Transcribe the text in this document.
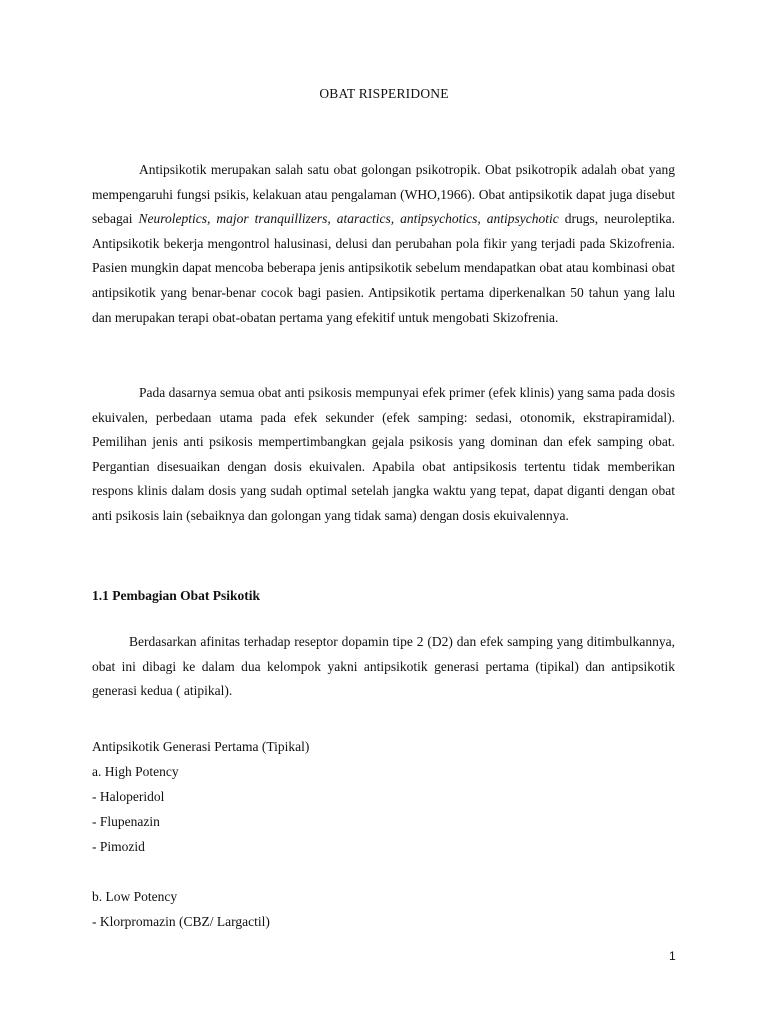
OBAT RISPERIDONE

Antipsikotik merupakan salah satu obat golongan psikotropik. Obat psikotropik adalah obat yang mempengaruhi fungsi psikis, kelakuan atau pengalaman (WHO,1966). Obat antipsikotik dapat juga disebut sebagai Neuroleptics, major tranquillizers, ataractics, antipsychotics, antipsychotic drugs, neuroleptika. Antipsikotik bekerja mengontrol halusinasi, delusi dan perubahan pola fikir yang terjadi pada Skizofrenia. Pasien mungkin dapat mencoba beberapa jenis antipsikotik sebelum mendapatkan obat atau kombinasi obat antipsikotik yang benar-benar cocok bagi pasien. Antipsikotik pertama diperkenalkan 50 tahun yang lalu dan merupakan terapi obat-obatan pertama yang efekitif untuk mengobati Skizofrenia.

Pada dasarnya semua obat anti psikosis mempunyai efek primer (efek klinis) yang sama pada dosis ekuivalen, perbedaan utama pada efek sekunder (efek samping: sedasi, otonomik, ekstrapiramidal). Pemilihan jenis anti psikosis mempertimbangkan gejala psikosis yang dominan dan efek samping obat. Pergantian disesuaikan dengan dosis ekuivalen. Apabila obat antipsikosis tertentu tidak memberikan respons klinis dalam dosis yang sudah optimal setelah jangka waktu yang tepat, dapat diganti dengan obat anti psikosis lain (sebaiknya dan golongan yang tidak sama) dengan dosis ekuivalennya.

1.1 Pembagian Obat Psikotik

Berdasarkan afinitas terhadap reseptor dopamin tipe 2 (D2) dan efek samping yang ditimbulkannya, obat ini dibagi ke dalam dua kelompok yakni antipsikotik generasi pertama (tipikal) dan antipsikotik generasi kedua ( atipikal).

Antipsikotik Generasi Pertama (Tipikal)
a. High Potency
- Haloperidol
- Flupenazin
- Pimozid
b. Low Potency
- Klorpromazin (CBZ/ Largactil)
1
